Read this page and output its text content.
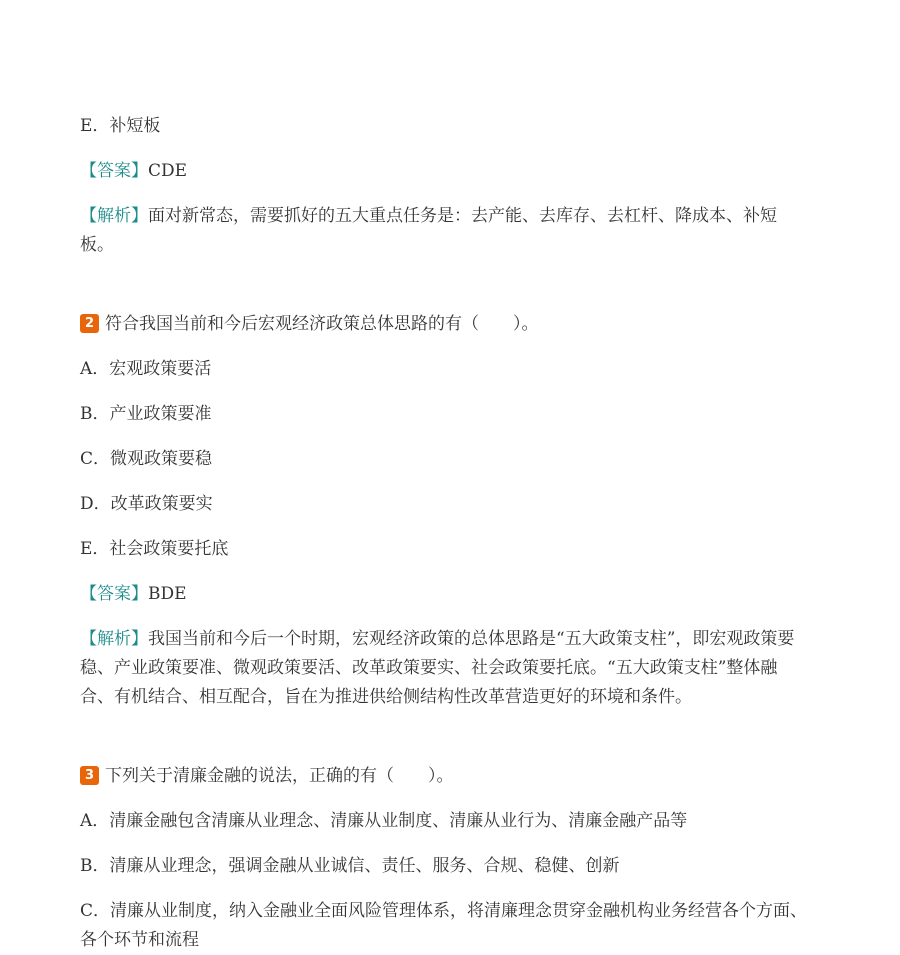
E．补短板
【答案】CDE
【解析】面对新常态，需要抓好的五大重点任务是：去产能、去库存、去杠杆、降成本、补短板。
2 符合我国当前和今后宏观经济政策总体思路的有（　　）。
A．宏观政策要活
B．产业政策要准
C．微观政策要稳
D．改革政策要实
E．社会政策要托底
【答案】BDE
【解析】我国当前和今后一个时期，宏观经济政策的总体思路是“五大政策支柱”，即宏观政策要稳、产业政策要准、微观政策要活、改革政策要实、社会政策要托底。“五大政策支柱”整体融合、有机结合、相互配合，旨在为推进供给侧结构性改革营造更好的环境和条件。
3 下列关于清廉金融的说法，正确的有（　　）。
A．清廉金融包含清廉从业理念、清廉从业制度、清廉从业行为、清廉金融产品等
B．清廉从业理念，强调金融从业诚信、责任、服务、合规、稳健、创新
C．清廉从业制度，纳入金融业全面风险管理体系，将清廉理念贯穿金融机构业务经营各个方面、各个环节和流程
